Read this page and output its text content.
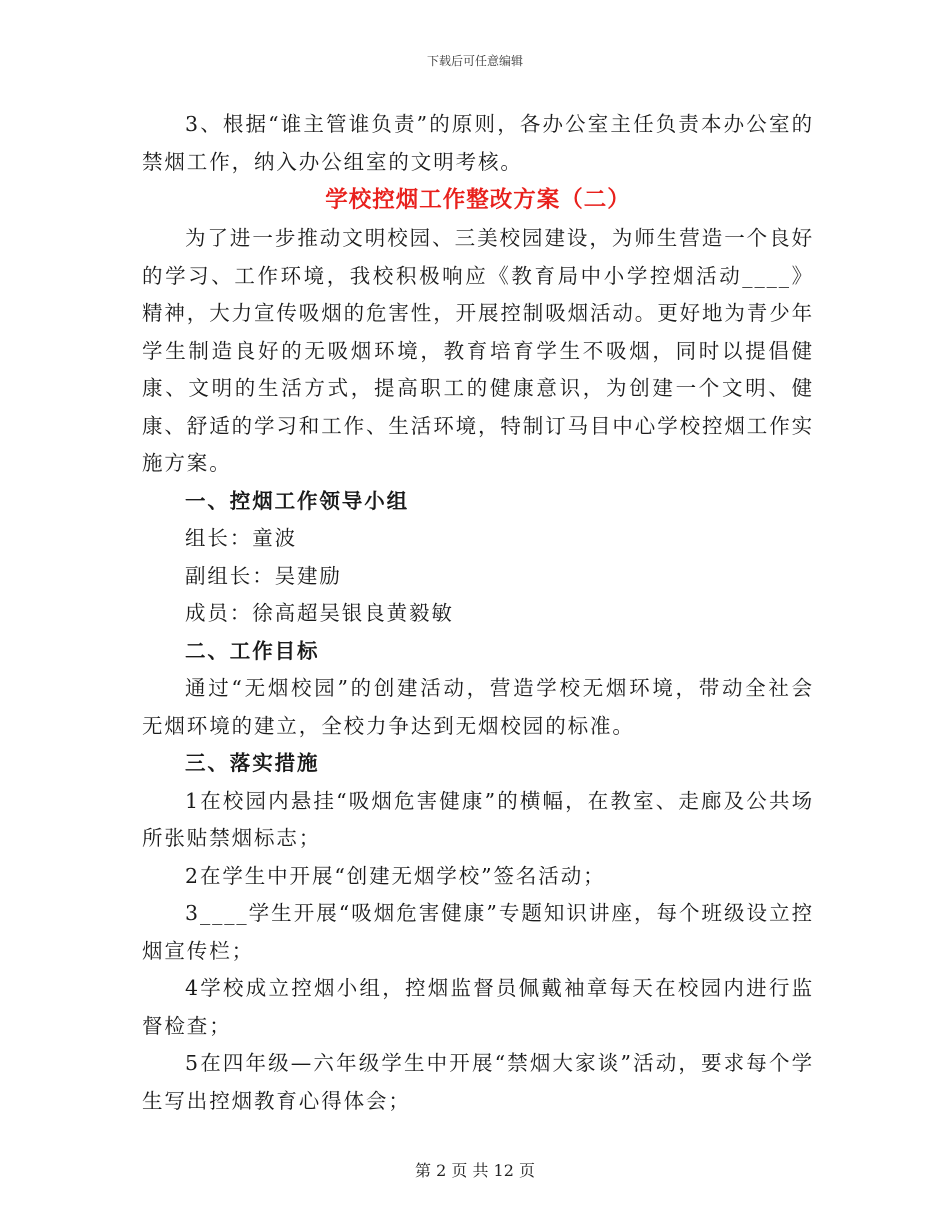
下载后可任意编辑

3、根据“谁主管谁负责”的原则，各办公室主任负责本办公室的禁烟工作，纳入办公组室的文明考核。

学校控烟工作整改方案（二）

为了进一步推动文明校园、三美校园建设，为师生营造一个良好的学习、工作环境，我校积极响应《教育局中小学控烟活动____》精神，大力宣传吸烟的危害性，开展控制吸烟活动。更好地为青少年学生制造良好的无吸烟环境，教育培育学生不吸烟，同时以提倡健康、文明的生活方式，提高职工的健康意识，为创建一个文明、健康、舒适的学习和工作、生活环境，特制订马目中心学校控烟工作实施方案。

一、控烟工作领导小组

组长：童波

副组长：吴建励

成员：徐高超吴银良黄毅敏

二、工作目标

通过“无烟校园”的创建活动，营造学校无烟环境，带动全社会无烟环境的建立，全校力争达到无烟校园的标准。

三、落实措施

1在校园内悬挂“吸烟危害健康”的横幅，在教室、走廊及公共场所张贴禁烟标志；

2在学生中开展“创建无烟学校”签名活动；

3____学生开展“吸烟危害健康”专题知识讲座，每个班级设立控烟宣传栏；

4学校成立控烟小组，控烟监督员佩戴袖章每天在校园内进行监督检查；

5在四年级—六年级学生中开展“禁烟大家谈”活动，要求每个学生写出控烟教育心得体会；

第 2 页 共 12 页
